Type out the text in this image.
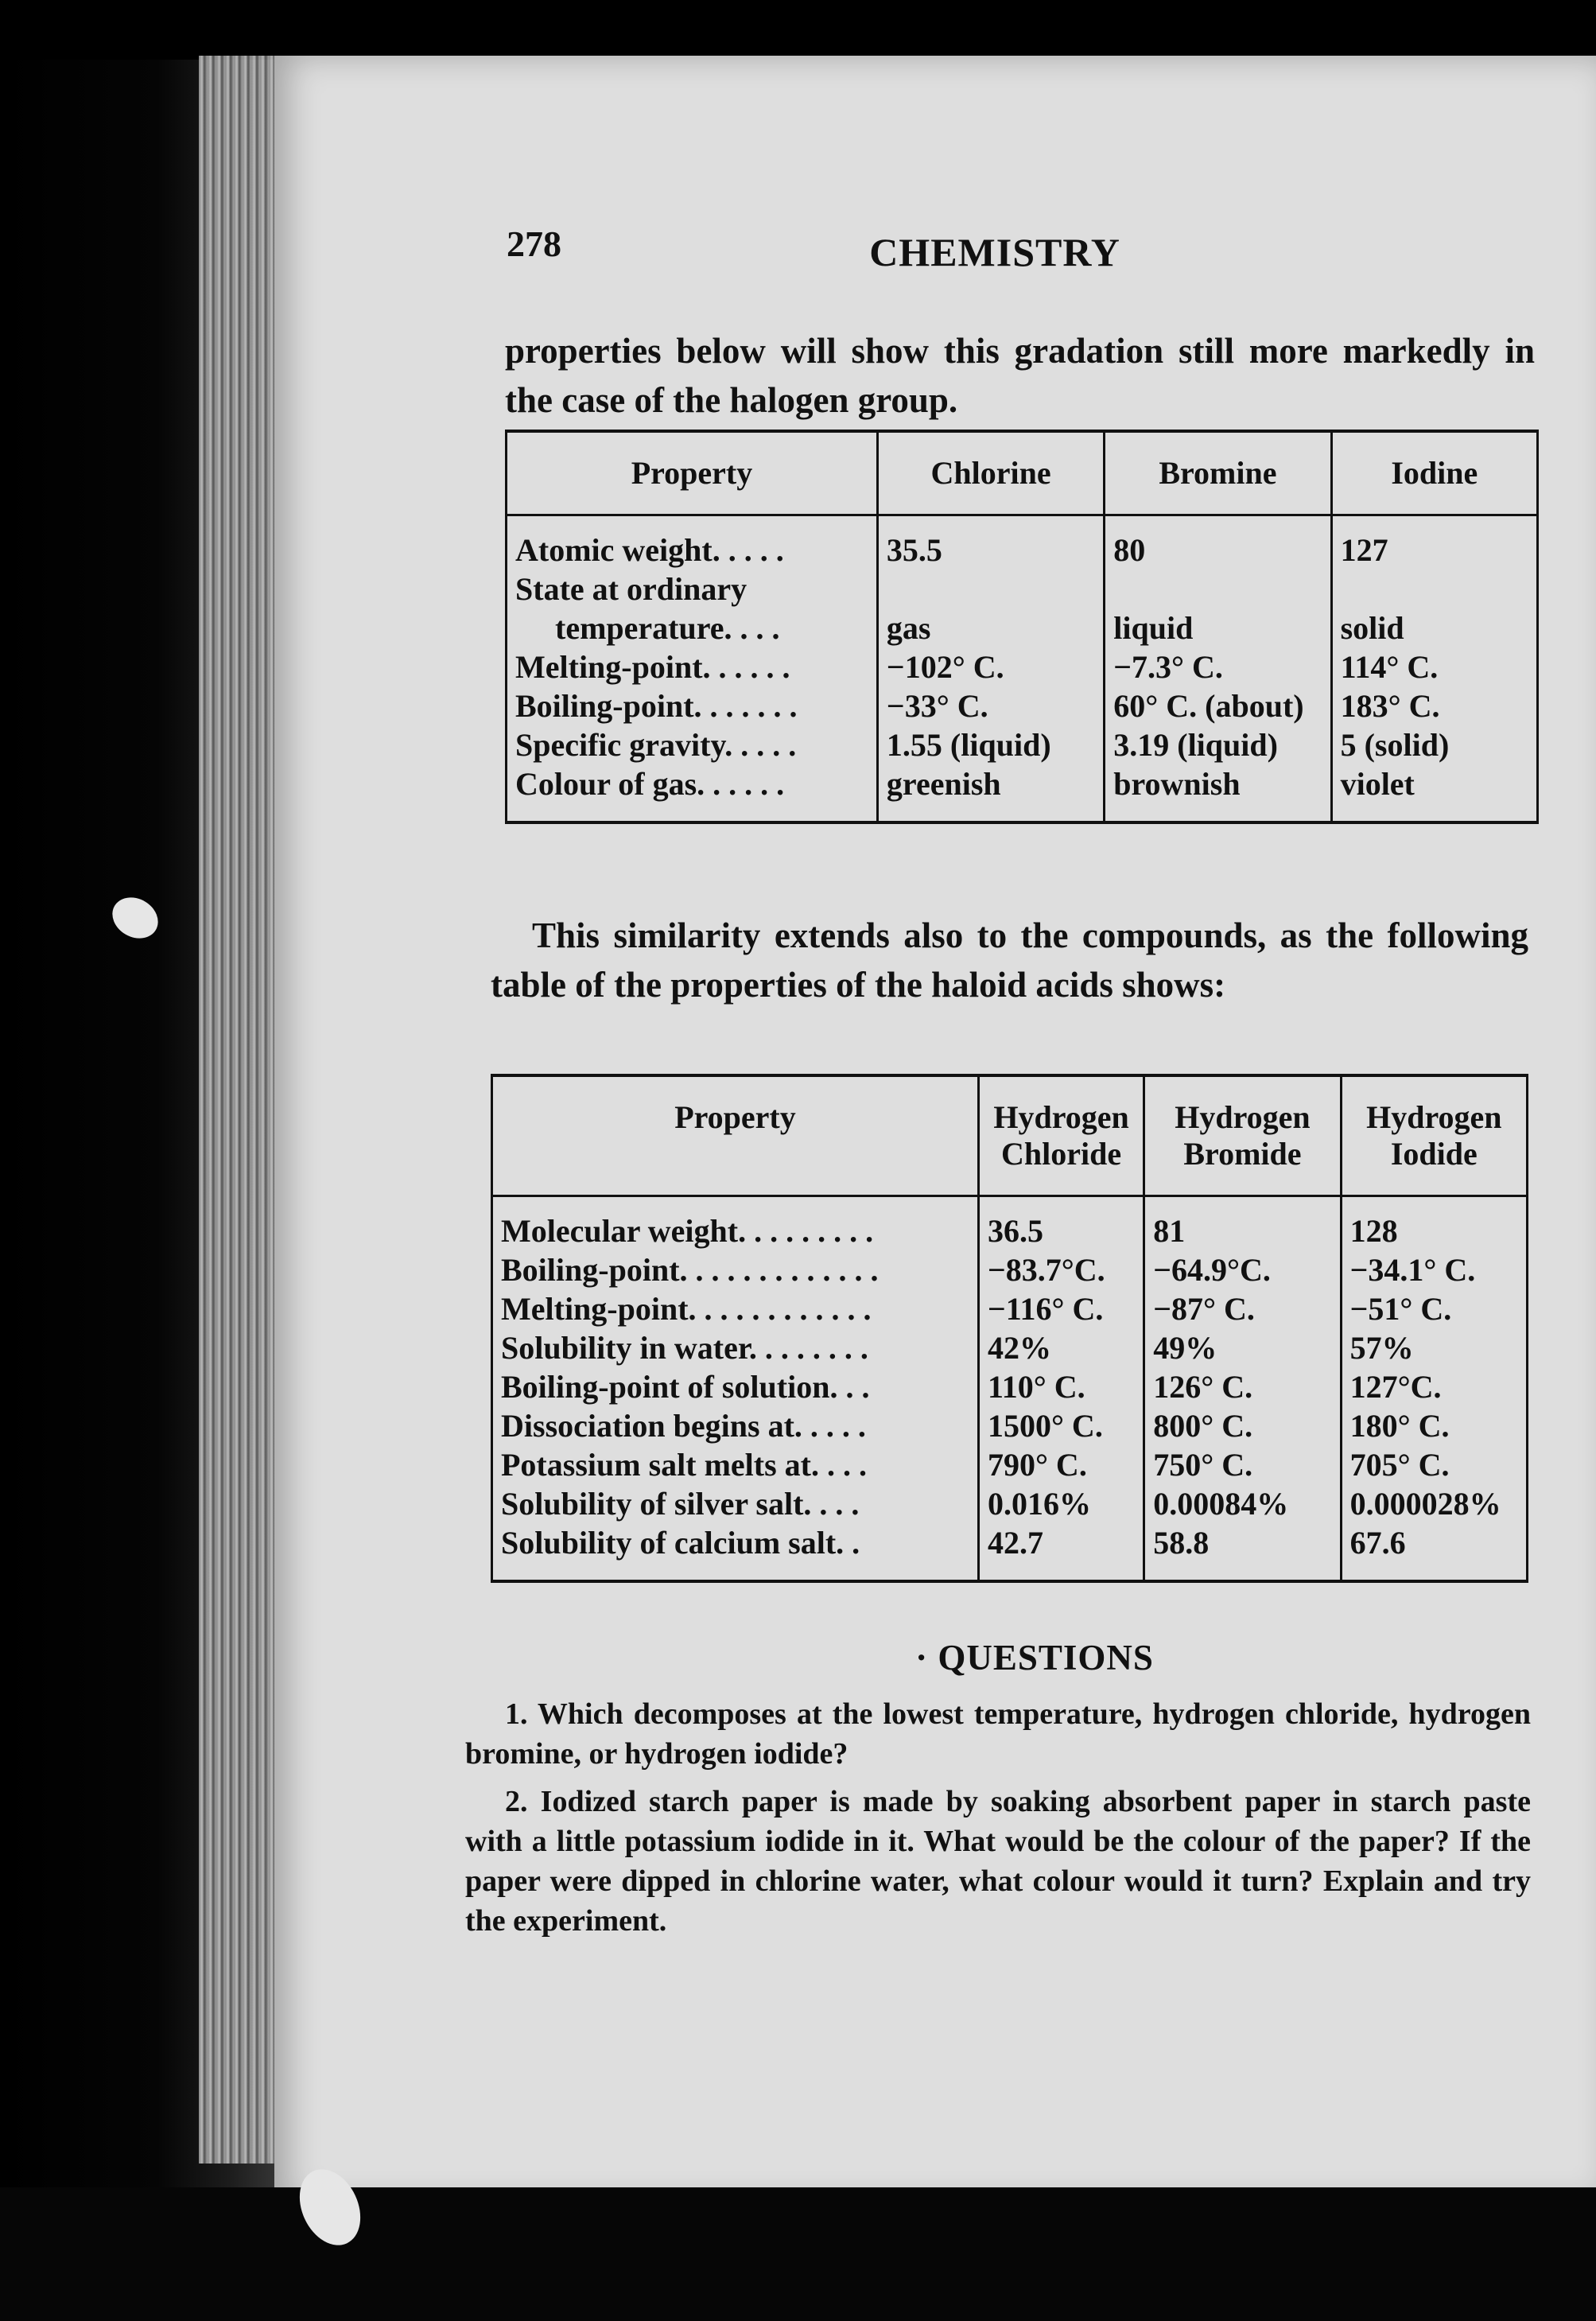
278	CHEMISTRY

properties below will show this gradation still more markedly in the case of the halogen group.

Property	Chlorine	Bromine	Iodine
Atomic weight. . . . .	35.5	80	127
State at ordinary			
temperature. . . .	gas	liquid	solid
Melting-point. . . . . .	−102° C.	−7.3° C.	114° C.
Boiling-point. . . . . . .	−33° C.	60° C. (about)	183° C.
Specific gravity. . . . .	1.55 (liquid)	3.19 (liquid)	5 (solid)
Colour of gas. . . . . .	greenish	brownish	violet

This similarity extends also to the compounds, as the following table of the properties of the haloid acids shows:

Property	Hydrogen Chloride	Hydrogen Bromide	Hydrogen Iodide
Molecular weight. . . . . . . . .	36.5	81	128
Boiling-point. . . . . . . . . . . . .	−83.7°C.	−64.9°C.	−34.1° C.
Melting-point. . . . . . . . . . . .	−116° C.	−87° C.	−51° C.
Solubility in water. . . . . . . .	42%	49%	57%
Boiling-point of solution. . .	110° C.	126° C.	127°C.
Dissociation begins at. . . . .	1500° C.	800° C.	180° C.
Potassium salt melts at. . . .	790° C.	750° C.	705° C.
Solubility of silver salt. . . .	0.016%	0.00084%	0.000028%
Solubility of calcium salt. .	42.7	58.8	67.6
· QUESTIONS
1. Which decomposes at the lowest temperature, hydrogen chloride, hydrogen bromine, or hydrogen iodide?
2. Iodized starch paper is made by soaking absorbent paper in starch paste with a little potassium iodide in it. What would be the colour of the paper? If the paper were dipped in chlorine water, what colour would it turn? Explain and try the experiment.
